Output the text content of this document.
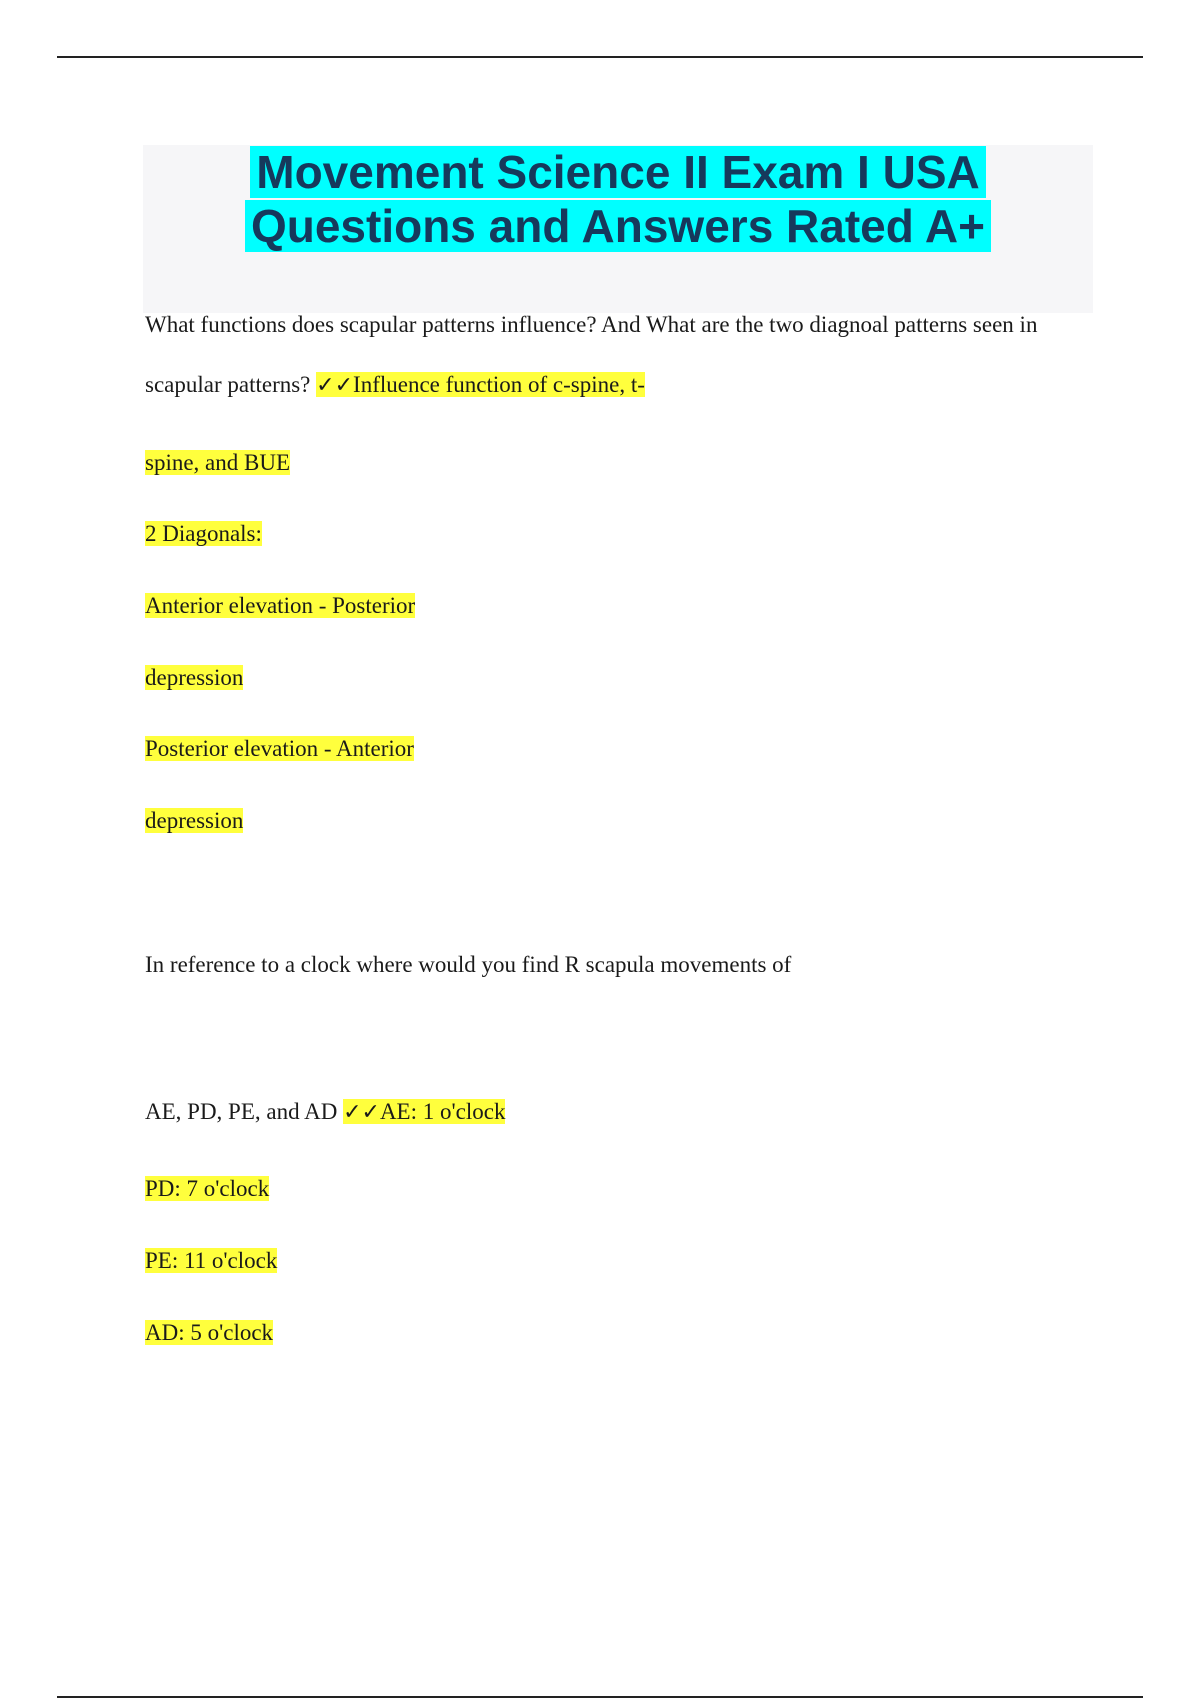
Movement Science II Exam I USA
Questions and Answers Rated A+
What functions does scapular patterns influence? And What are the two diagnoal patterns seen in
scapular patterns? ✓✓Influence function of c-spine, t-
spine, and BUE
2 Diagonals:
Anterior elevation - Posterior
depression
Posterior elevation - Anterior
depression
In reference to a clock where would you find R scapula movements of
AE, PD, PE, and AD ✓✓AE: 1 o'clock
PD: 7 o'clock
PE: 11 o'clock
AD: 5 o'clock
